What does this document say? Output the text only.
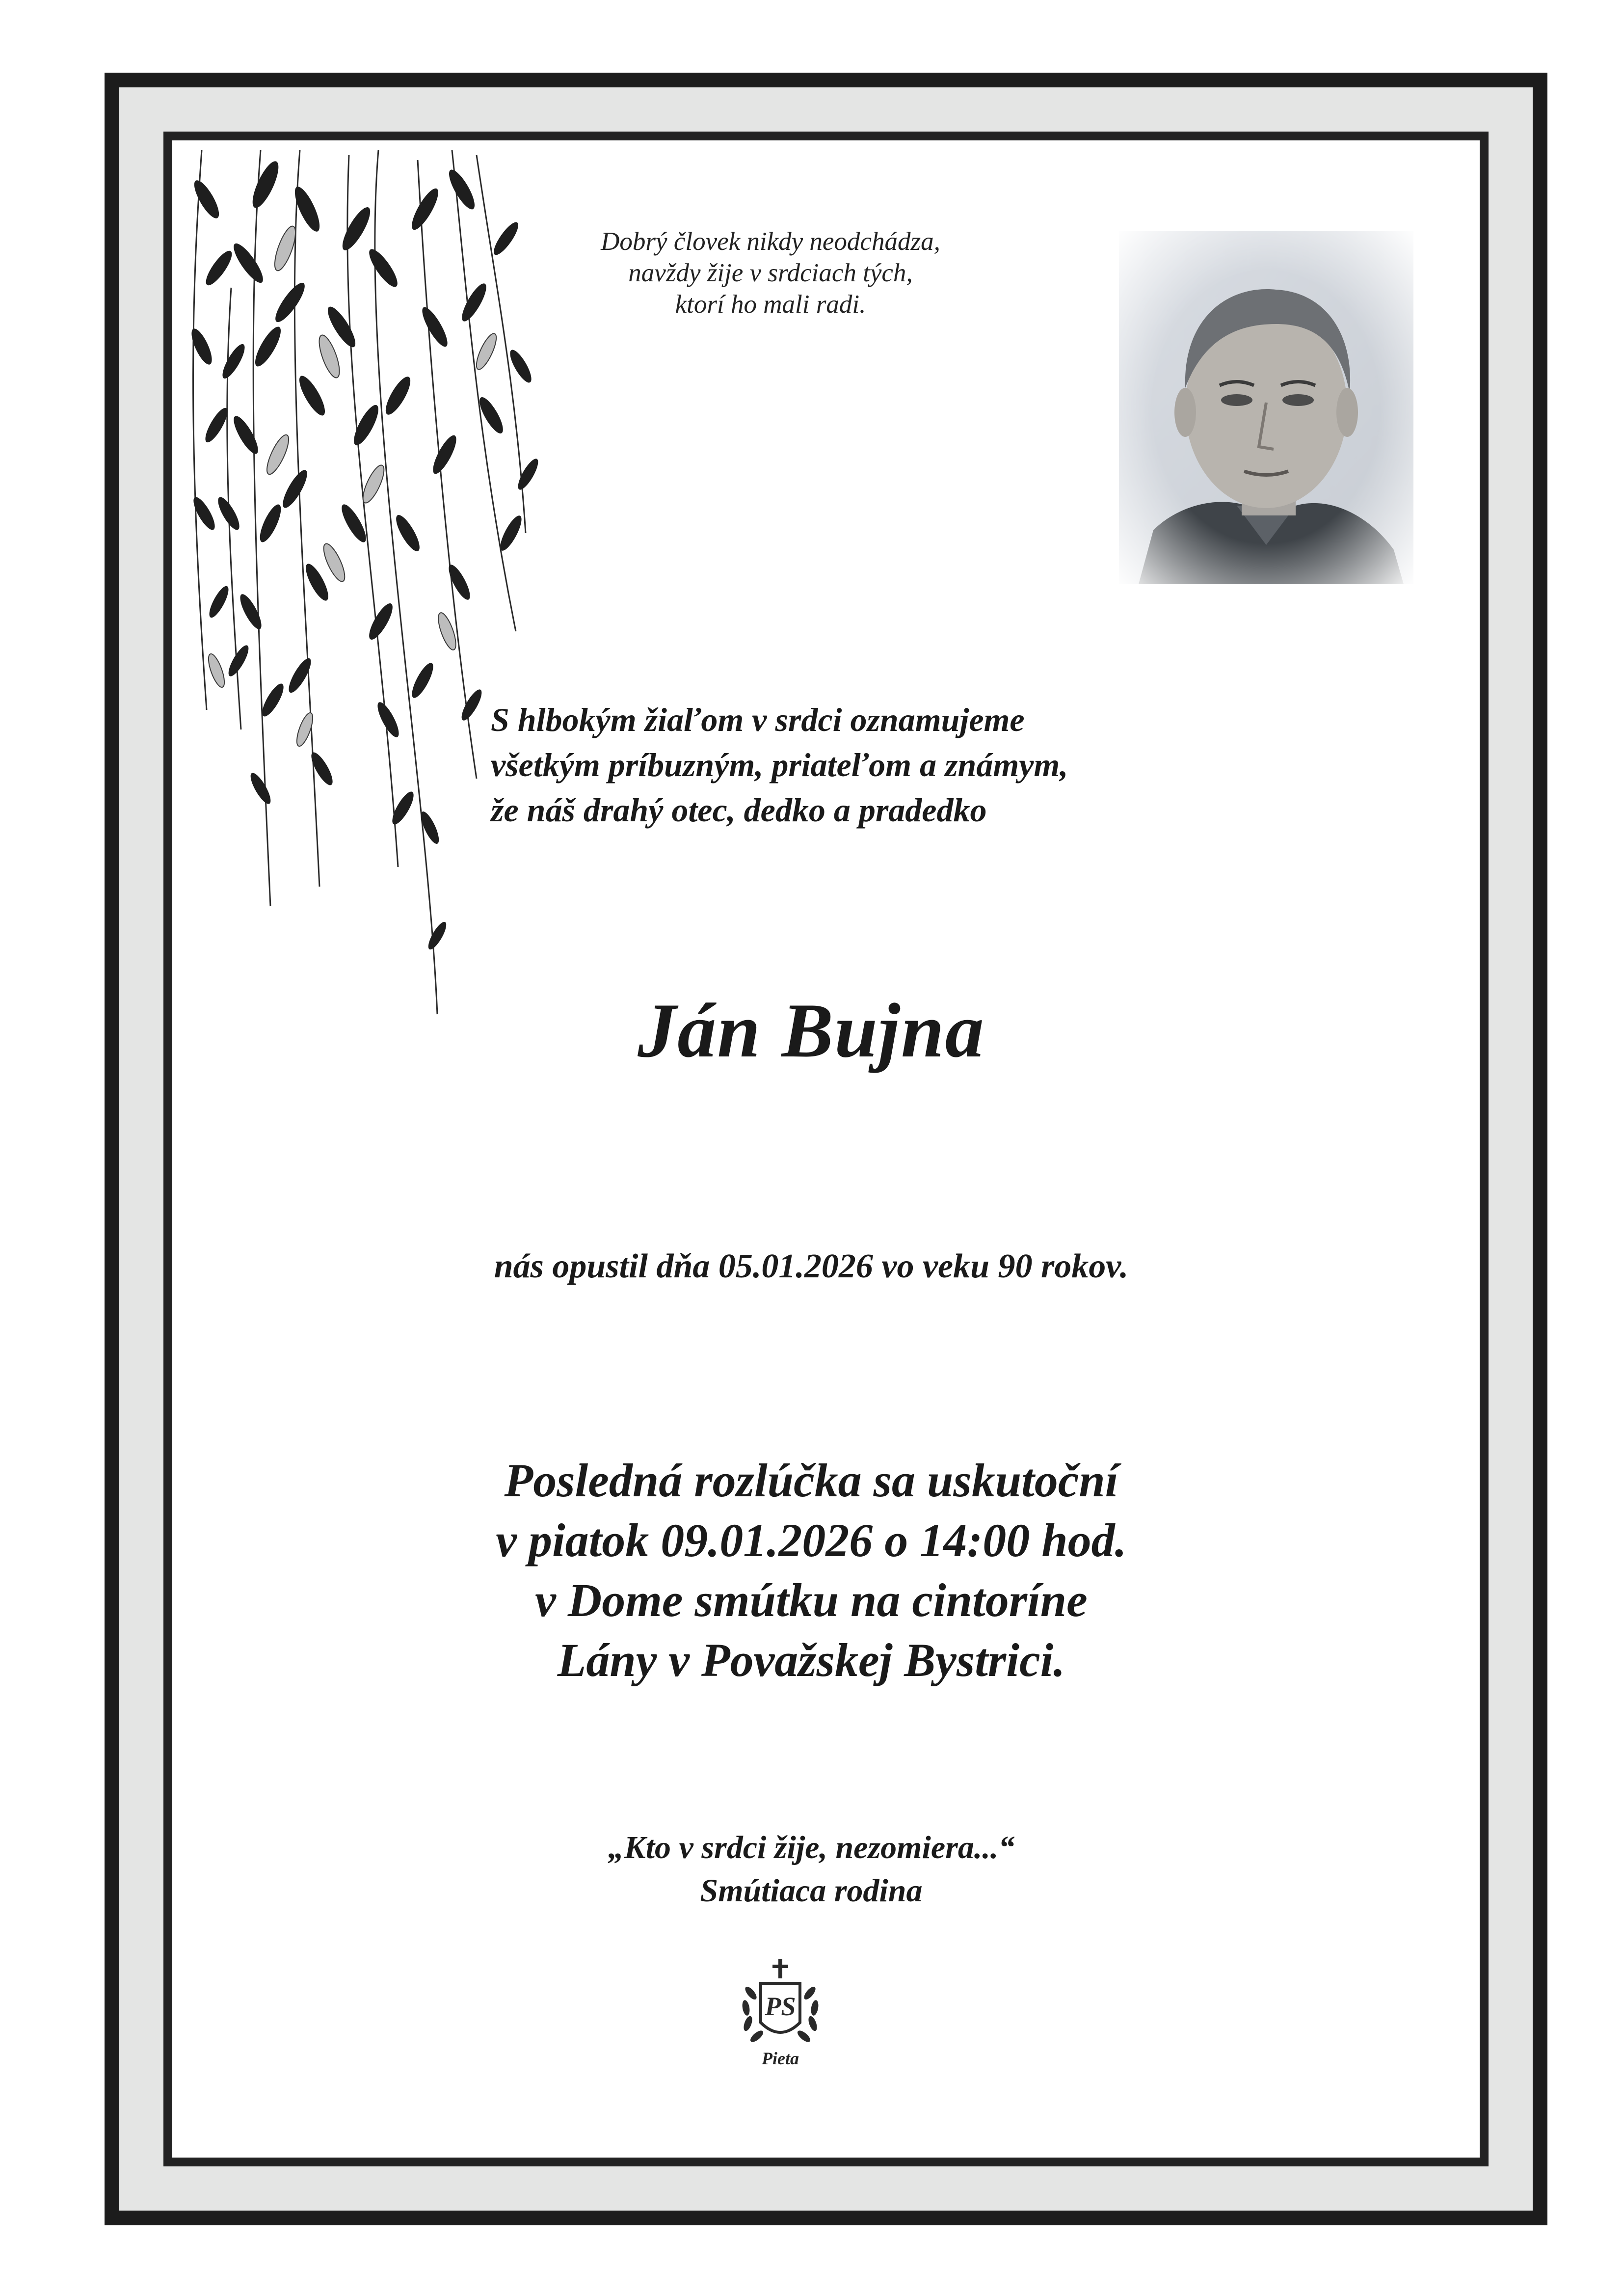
Dobrý človek nikdy neodchádza,
navždy žije v srdciach tých,
ktorí ho mali radi.
S hlbokým žiaľom v srdci oznamujeme
všetkým príbuzným, priateľom a známym,
že náš drahý otec, dedko a pradedko
Ján Bujna
nás opustil dňa 05.01.2026 vo veku 90 rokov.
Posledná rozlúčka sa uskutoční
v piatok 09.01.2026 o 14:00 hod.
v Dome smútku na cintoríne
Lány v Považskej Bystrici.
„Kto v srdci žije, nezomiera...“
Smútiaca rodina
PS
Pieta
